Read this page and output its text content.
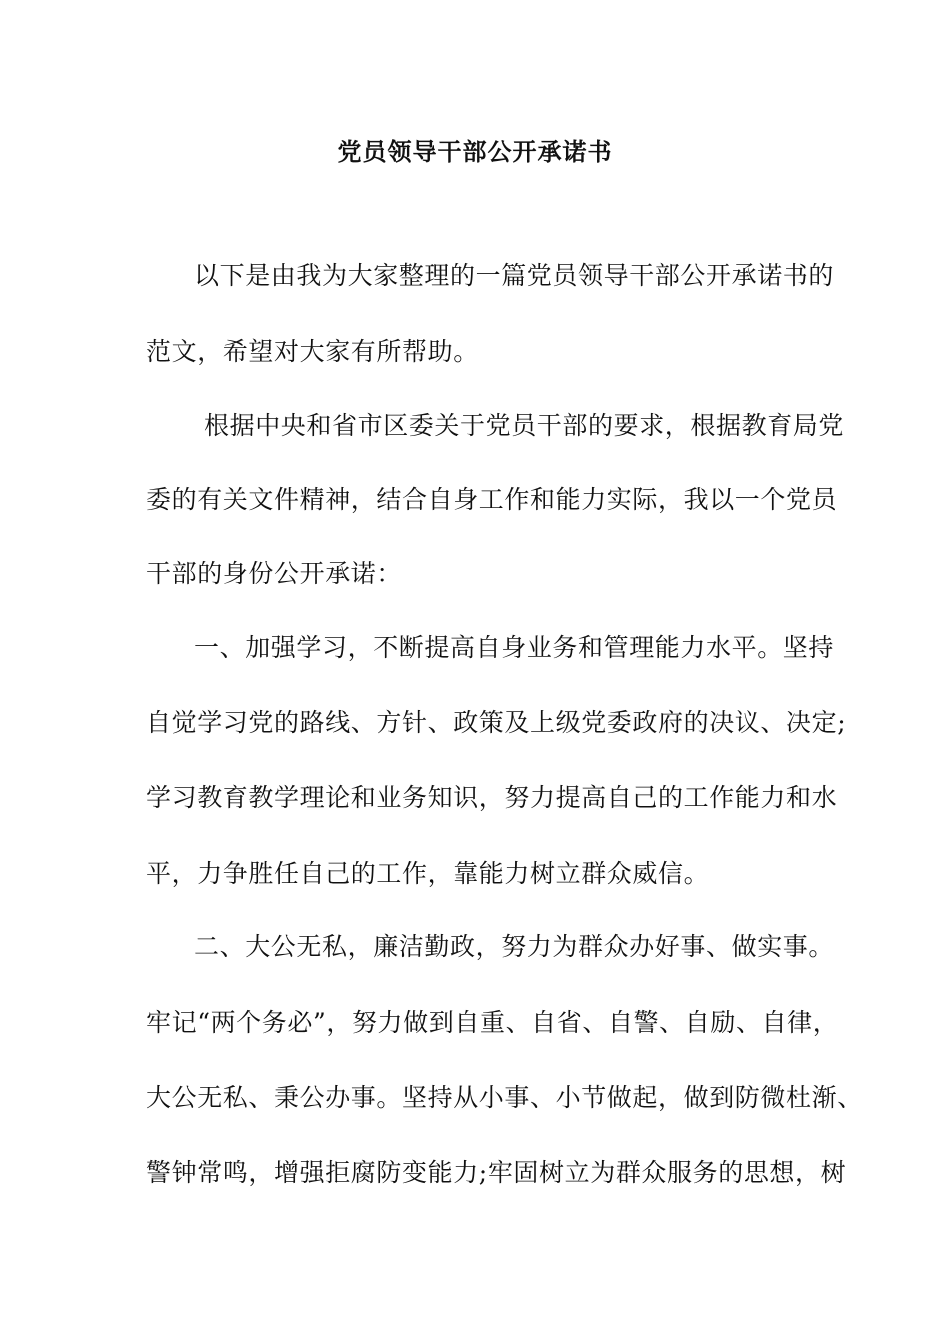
党员领导干部公开承诺书
以下是由我为大家整理的一篇党员领导干部公开承诺书的
范文，希望对大家有所帮助。
根据中央和省市区委关于党员干部的要求，根据教育局党
委的有关文件精神，结合自身工作和能力实际，我以一个党员
干部的身份公开承诺：
一、加强学习，不断提高自身业务和管理能力水平。坚持
自觉学习党的路线、方针、政策及上级党委政府的决议、决定;
学习教育教学理论和业务知识，努力提高自己的工作能力和水
平，力争胜任自己的工作，靠能力树立群众威信。
二、大公无私，廉洁勤政，努力为群众办好事、做实事。
牢记“两个务必”，努力做到自重、自省、自警、自励、自律，
大公无私、秉公办事。坚持从小事、小节做起，做到防微杜渐、
警钟常鸣，增强拒腐防变能力;牢固树立为群众服务的思想，树
